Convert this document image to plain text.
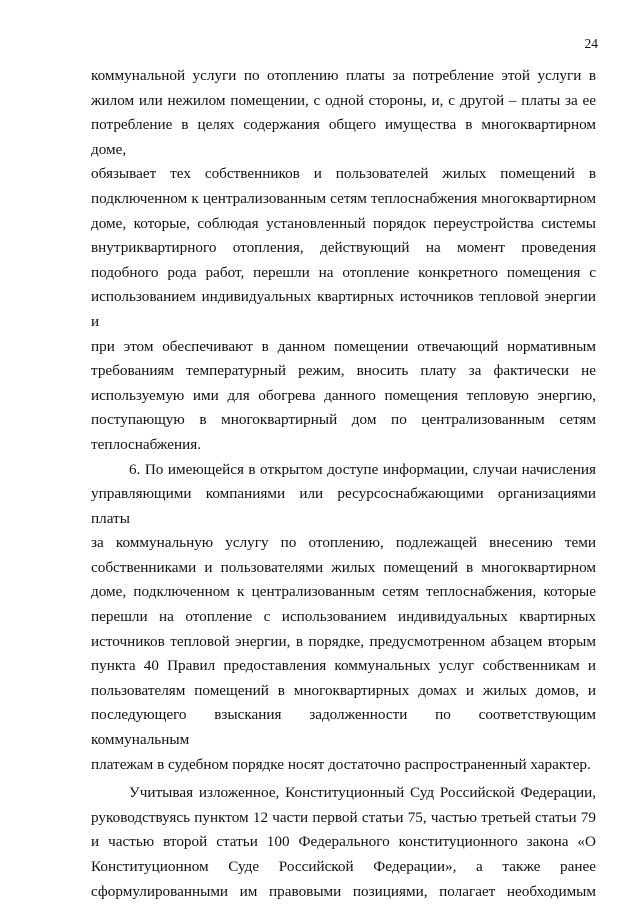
24

коммунальной услуги по отоплению платы за потребление этой услуги в

жилом или нежилом помещении, с одной стороны, и, с другой – платы за ее

потребление в целях содержания общего имущества в многоквартирном доме,

обязывает тех собственников и пользователей жилых помещений в

подключенном к централизованным сетям теплоснабжения многоквартирном

доме, которые, соблюдая установленный порядок переустройства системы

внутриквартирного отопления, действующий на момент проведения

подобного рода работ, перешли на отопление конкретного помещения с

использованием индивидуальных квартирных источников тепловой энергии и

при этом обеспечивают в данном помещении отвечающий нормативным

требованиям температурный режим, вносить плату за фактически не

используемую ими для обогрева данного помещения тепловую энергию,

поступающую в многоквартирный дом по централизованным сетям

теплоснабжения.

6. По имеющейся в открытом доступе информации, случаи начисления

управляющими компаниями или ресурсоснабжающими организациями платы

за коммунальную услугу по отоплению, подлежащей внесению теми

собственниками и пользователями жилых помещений в многоквартирном

доме, подключенном к централизованным сетям теплоснабжения, которые

перешли на отопление с использованием индивидуальных квартирных

источников тепловой энергии, в порядке, предусмотренном абзацем вторым

пункта 40 Правил предоставления коммунальных услуг собственникам и

пользователям помещений в многоквартирных домах и жилых домов, и

последующего взыскания задолженности по соответствующим коммунальным

платежам в судебном порядке носят достаточно распространенный характер.

Учитывая изложенное, Конституционный Суд Российской Федерации,

руководствуясь пунктом 12 части первой статьи 75, частью третьей статьи 79

и частью второй статьи 100 Федерального конституционного закона «О

Конституционном Суде Российской Федерации», а также ранее

сформулированными им правовыми позициями, полагает необходимым
